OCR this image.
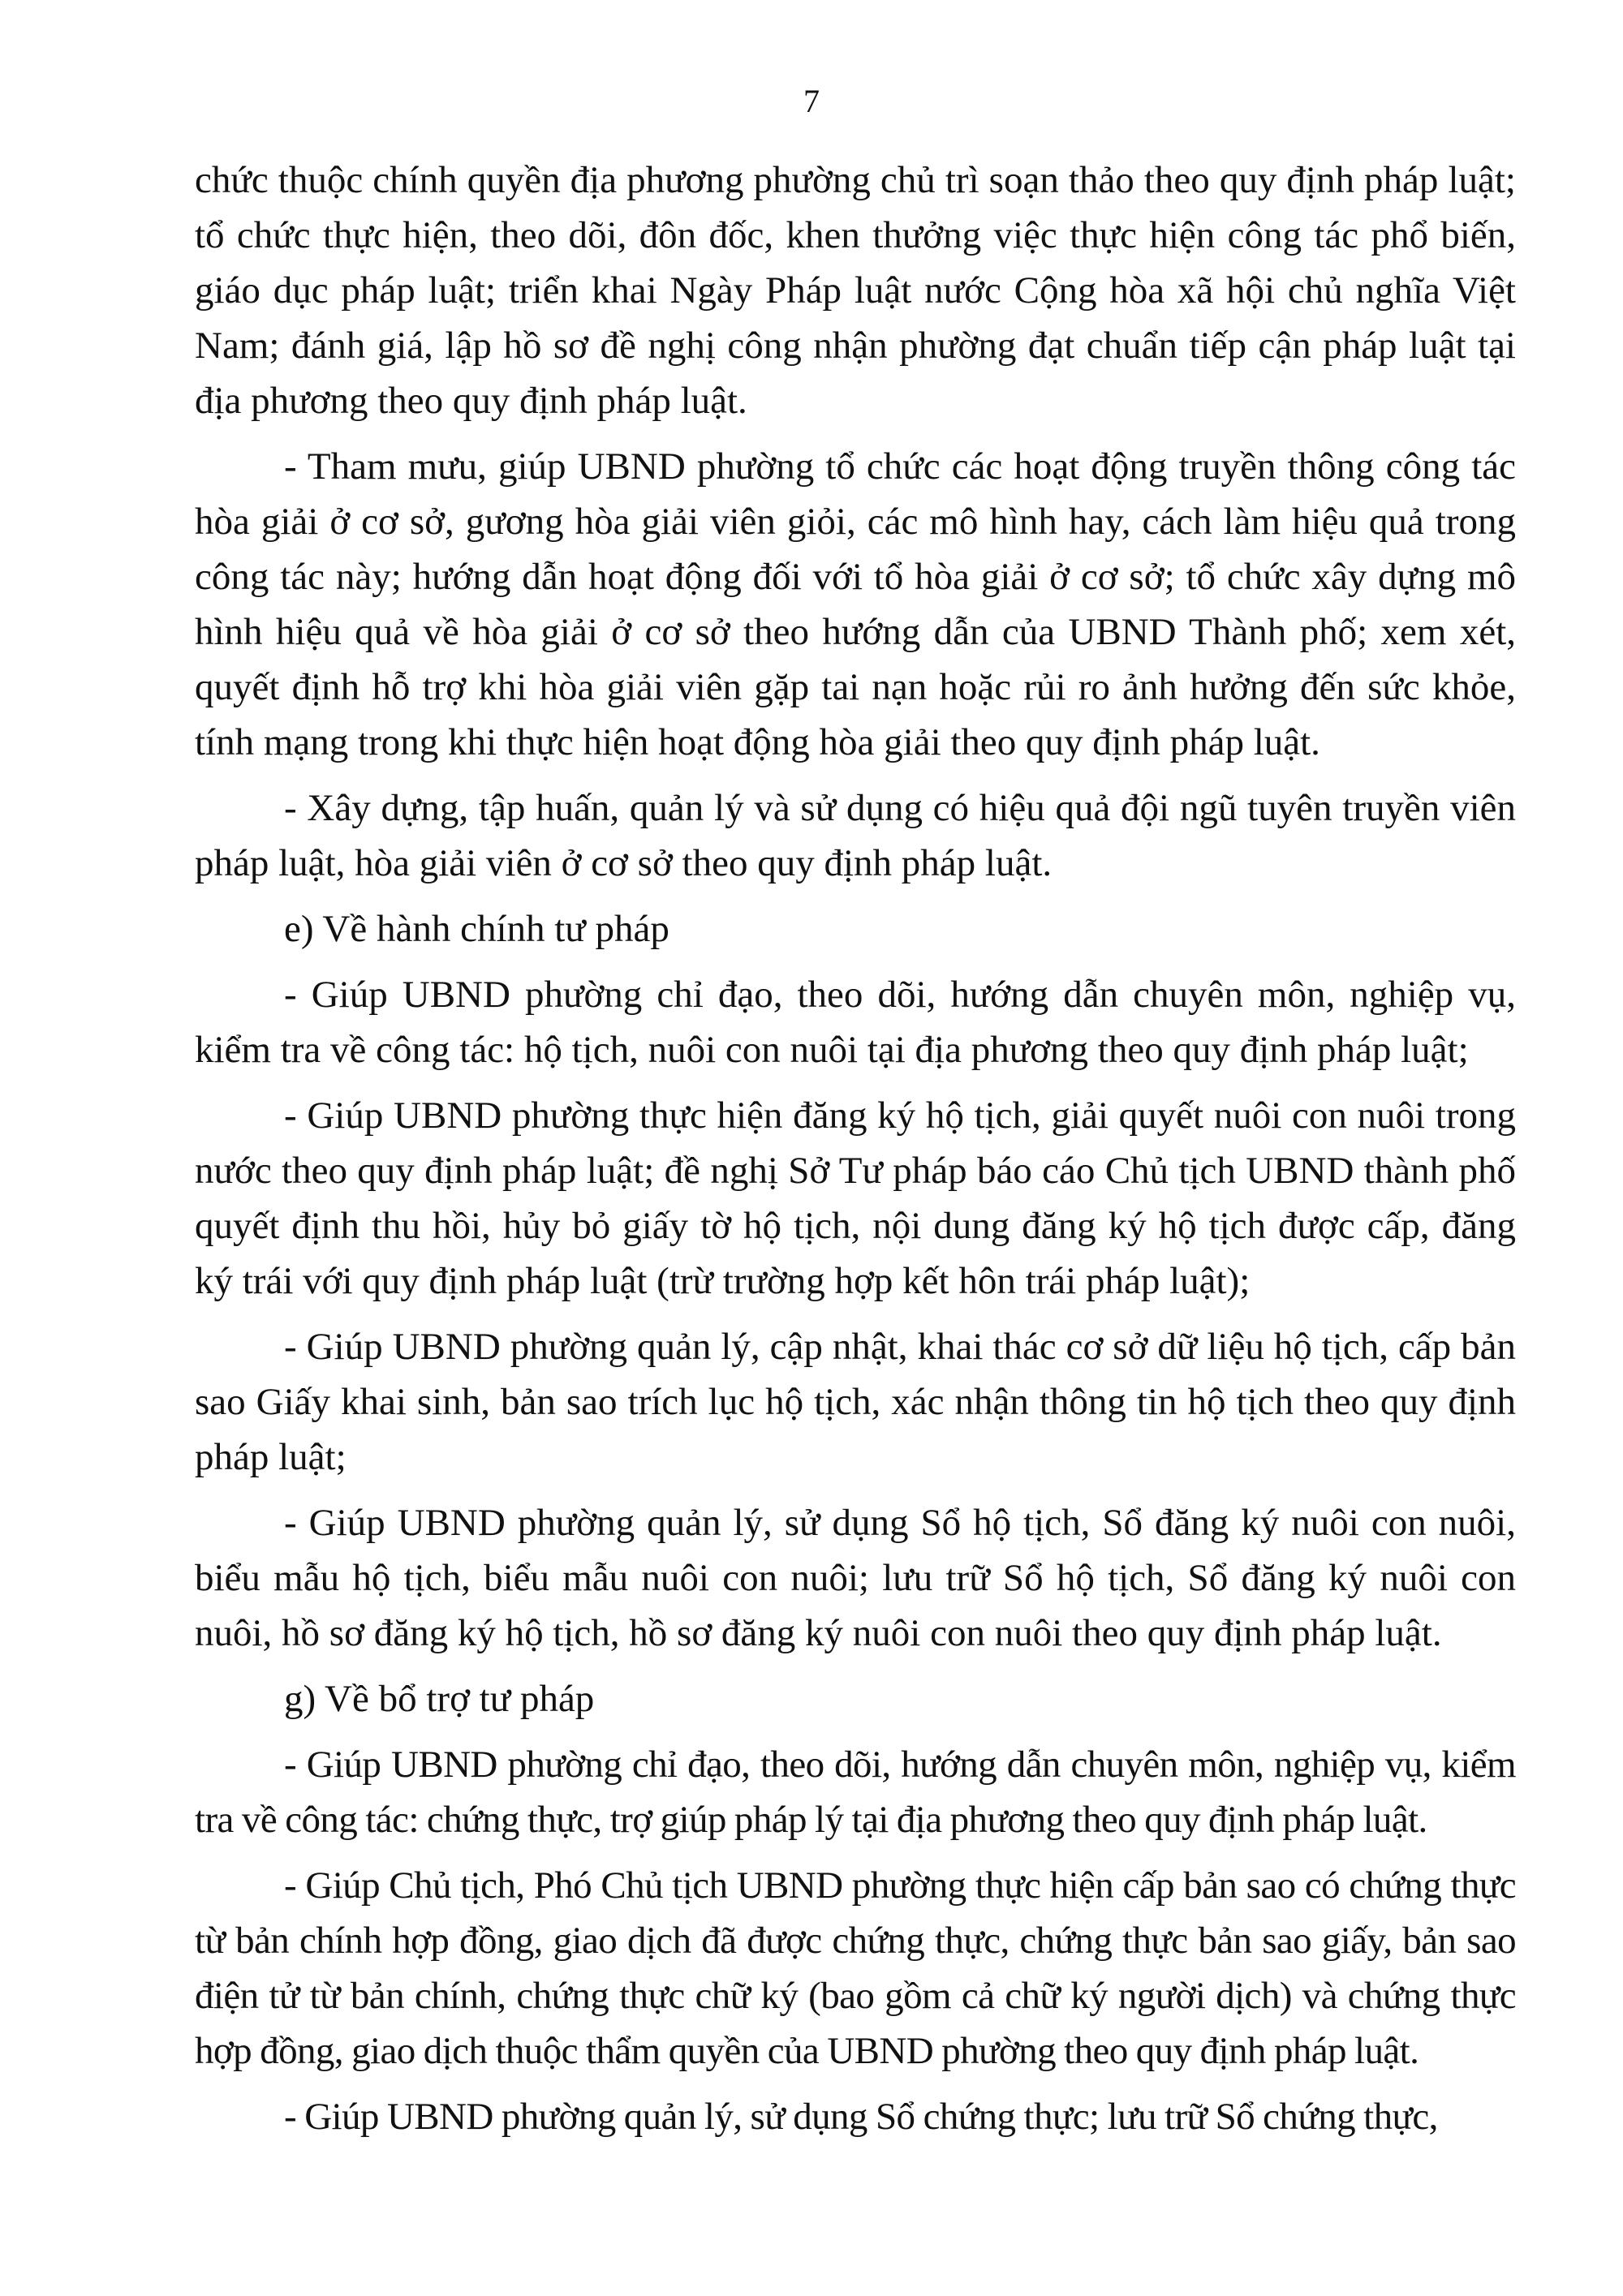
7

chức thuộc chính quyền địa phương phường chủ trì soạn thảo theo quy định pháp luật; tổ chức thực hiện, theo dõi, đôn đốc, khen thưởng việc thực hiện công tác phổ biến, giáo dục pháp luật; triển khai Ngày Pháp luật nước Cộng hòa xã hội chủ nghĩa Việt Nam; đánh giá, lập hồ sơ đề nghị công nhận phường đạt chuẩn tiếp cận pháp luật tại địa phương theo quy định pháp luật.

- Tham mưu, giúp UBND phường tổ chức các hoạt động truyền thông công tác hòa giải ở cơ sở, gương hòa giải viên giỏi, các mô hình hay, cách làm hiệu quả trong công tác này; hướng dẫn hoạt động đối với tổ hòa giải ở cơ sở; tổ chức xây dựng mô hình hiệu quả về hòa giải ở cơ sở theo hướng dẫn của UBND Thành phố; xem xét, quyết định hỗ trợ khi hòa giải viên gặp tai nạn hoặc rủi ro ảnh hưởng đến sức khỏe, tính mạng trong khi thực hiện hoạt động hòa giải theo quy định pháp luật.

- Xây dựng, tập huấn, quản lý và sử dụng có hiệu quả đội ngũ tuyên truyền viên pháp luật, hòa giải viên ở cơ sở theo quy định pháp luật.

e) Về hành chính tư pháp

- Giúp UBND phường chỉ đạo, theo dõi, hướng dẫn chuyên môn, nghiệp vụ, kiểm tra về công tác: hộ tịch, nuôi con nuôi tại địa phương theo quy định pháp luật;

- Giúp UBND phường thực hiện đăng ký hộ tịch, giải quyết nuôi con nuôi trong nước theo quy định pháp luật; đề nghị Sở Tư pháp báo cáo Chủ tịch UBND thành phố quyết định thu hồi, hủy bỏ giấy tờ hộ tịch, nội dung đăng ký hộ tịch được cấp, đăng ký trái với quy định pháp luật (trừ trường hợp kết hôn trái pháp luật);

- Giúp UBND phường quản lý, cập nhật, khai thác cơ sở dữ liệu hộ tịch, cấp bản sao Giấy khai sinh, bản sao trích lục hộ tịch, xác nhận thông tin hộ tịch theo quy định pháp luật;

- Giúp UBND phường quản lý, sử dụng Sổ hộ tịch, Sổ đăng ký nuôi con nuôi, biểu mẫu hộ tịch, biểu mẫu nuôi con nuôi; lưu trữ Sổ hộ tịch, Sổ đăng ký nuôi con nuôi, hồ sơ đăng ký hộ tịch, hồ sơ đăng ký nuôi con nuôi theo quy định pháp luật.

g) Về bổ trợ tư pháp

- Giúp UBND phường chỉ đạo, theo dõi, hướng dẫn chuyên môn, nghiệp vụ, kiểm tra về công tác: chứng thực, trợ giúp pháp lý tại địa phương theo quy định pháp luật.

- Giúp Chủ tịch, Phó Chủ tịch UBND phường thực hiện cấp bản sao có chứng thực từ bản chính hợp đồng, giao dịch đã được chứng thực, chứng thực bản sao giấy, bản sao điện tử từ bản chính, chứng thực chữ ký (bao gồm cả chữ ký người dịch) và chứng thực hợp đồng, giao dịch thuộc thẩm quyền của UBND phường theo quy định pháp luật.

- Giúp UBND phường quản lý, sử dụng Sổ chứng thực; lưu trữ Sổ chứng thực,
